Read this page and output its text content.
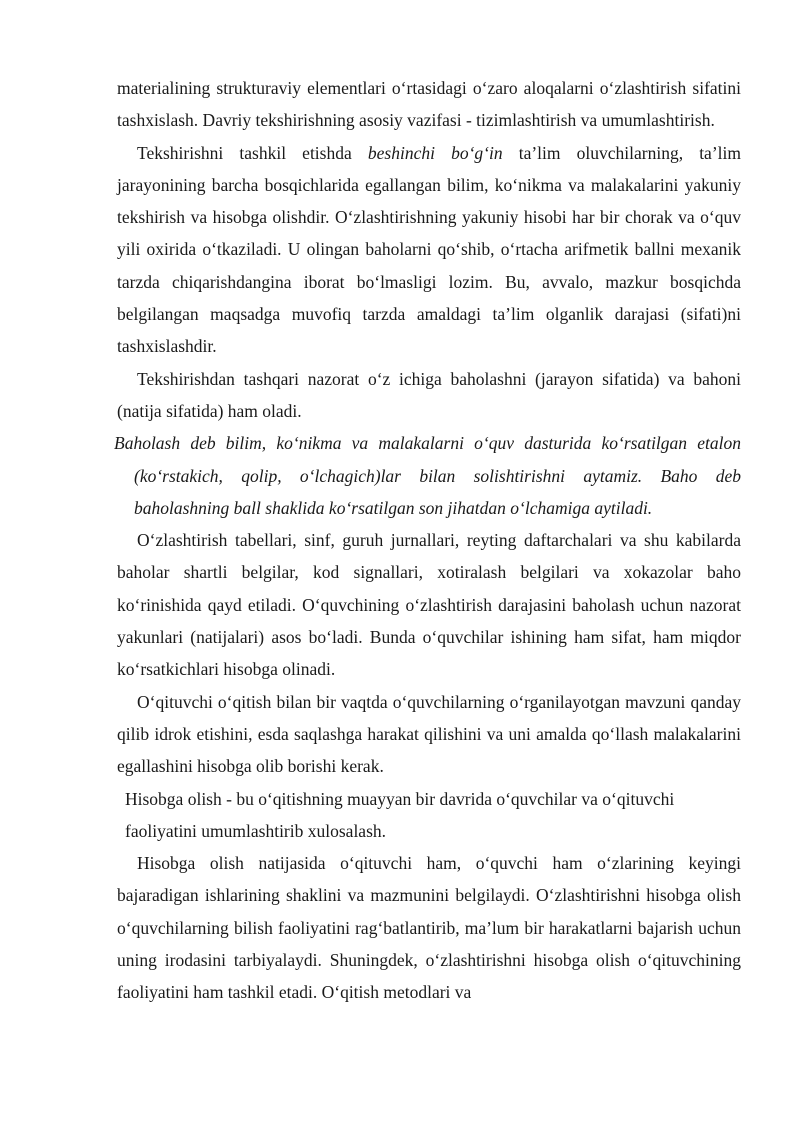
materialining strukturaviy elementlari o‘rtasidagi o‘zaro aloqalarni o‘zlashtirish sifatini tashxislash. Davriy tekshirishning asosiy vazifasi - tizimlashtirish va umumlashtirish.

Tekshirishni tashkil etishda beshinchi bo‘g‘in ta’lim oluvchilarning, ta’lim jarayonining barcha bosqichlarida egallangan bilim, ko‘nikma va malakalarini yakuniy tekshirish va hisobga olishdir. O‘zlashtirishning yakuniy hisobi har bir chorak va o‘quv yili oxirida o‘tkaziladi. U olingan baholarni qo‘shib, o‘rtacha arifmetik ballni mexanik tarzda chiqarishdangina iborat bo‘lmasligi lozim. Bu, avvalo, mazkur bosqichda belgilangan maqsadga muvofiq tarzda amaldagi ta’lim olganlik darajasi (sifati)ni tashxislashdir.

Tekshirishdan tashqari nazorat o‘z ichiga baholashni (jarayon sifatida) va bahoni (natija sifatida) ham oladi.

Baholash deb bilim, ko‘nikma va malakalarni o‘quv dasturida ko‘rsatilgan etalon (ko‘rstakich, qolip, o‘lchagich)lar bilan solishtirishni aytamiz. Baho deb baholashning ball shaklida ko‘rsatilgan son jihatdan o‘lchamiga aytiladi.

O‘zlashtirish tabellari, sinf, guruh jurnallari, reyting daftarchalari va shu kabilarda baholar shartli belgilar, kod signallari, xotiralash belgilari va xokazolar baho ko‘rinishida qayd etiladi. O‘quvchining o‘zlashtirish darajasini baholash uchun nazorat yakunlari (natijalari) asos bo‘ladi. Bunda o‘quvchilar ishining ham sifat, ham miqdor ko‘rsatkichlari hisobga olinadi.

O‘qituvchi o‘qitish bilan bir vaqtda o‘quvchilarning o‘rganilayotgan mavzuni qanday qilib idrok etishini, esda saqlashga harakat qilishini va uni amalda qo‘llash malakalarini egallashini hisobga olib borishi kerak.

Hisobga olish - bu o‘qitishning muayyan bir davrida o‘quvchilar va o‘qituvchi
faoliyatini umumlashtirib xulosalash.

Hisobga olish natijasida o‘qituvchi ham, o‘quvchi ham o‘zlarining keyingi bajaradigan ishlarining shaklini va mazmunini belgilaydi. O‘zlashtirishni hisobga olish o‘quvchilarning bilish faoliyatini rag‘batlantirib, ma’lum bir harakatlarni bajarish uchun uning irodasini tarbiyalaydi. Shuningdek, o‘zlashtirishni hisobga olish o‘qituvchining faoliyatini ham tashkil etadi. O‘qitish metodlari va
